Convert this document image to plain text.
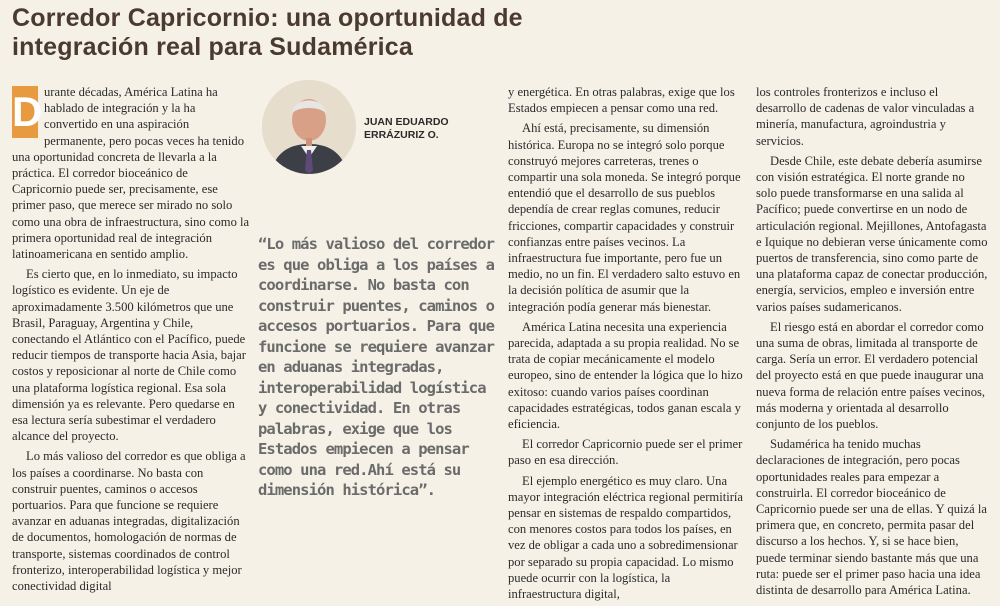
Corredor Capricornio: una oportunidad de
integración real para Sudamérica

D urante décadas, América Latina ha hablado de integración y la ha convertido en una aspiración permanente, pero pocas veces ha tenido una oportunidad concreta de llevarla a la práctica. El corredor bioceánico de Capricornio puede ser, precisamente, ese primer paso, que merece ser mirado no solo como una obra de infraestructura, sino como la primera oportunidad real de integración latinoamericana en sentido amplio.

Es cierto que, en lo inmediato, su impacto logístico es evidente. Un eje de aproximadamente 3.500 kilómetros que une Brasil, Paraguay, Argentina y Chile, conectando el Atlántico con el Pacífico, puede reducir tiempos de transporte hacia Asia, bajar costos y reposicionar al norte de Chile como una plataforma logística regional. Esa sola dimensión ya es relevante. Pero quedarse en esa lectura sería subestimar el verdadero alcance del proyecto.

Lo más valioso del corredor es que obliga a los países a coordinarse. No basta con construir puentes, caminos o accesos portuarios. Para que funcione se requiere avanzar en aduanas integradas, digitalización de documentos, homologación de normas de transporte, sistemas coordinados de control fronterizo, interoperabilidad logística y mejor conectividad digital

JUAN EDUARDO
ERRÁZURIZ O.
“Lo más valioso del corredor es que obliga a los países a coordinarse. No basta con construir puentes, caminos o accesos portuarios. Para que funcione se requiere avanzar en aduanas integradas, interoperabilidad logística y conectividad. En otras palabras, exige que los Estados empiecen a pensar como una red.Ahí está su dimensión histórica”.

y energética. En otras palabras, exige que los Estados empiecen a pensar como una red.

Ahí está, precisamente, su dimensión histórica. Europa no se integró solo porque construyó mejores carreteras, trenes o compartir una sola moneda. Se integró porque entendió que el desarrollo de sus pueblos dependía de crear reglas comunes, reducir fricciones, compartir capacidades y construir confianzas entre países vecinos. La infraestructura fue importante, pero fue un medio, no un fin. El verdadero salto estuvo en la decisión política de asumir que la integración podía generar más bienestar.

América Latina necesita una experiencia parecida, adaptada a su propia realidad. No se trata de copiar mecánicamente el modelo europeo, sino de entender la lógica que lo hizo exitoso: cuando varios países coordinan capacidades estratégicas, todos ganan escala y eficiencia.

El corredor Capricornio puede ser el primer paso en esa dirección.

El ejemplo energético es muy claro. Una mayor integración eléctrica regional permitiría pensar en sistemas de respaldo compartidos, con menores costos para todos los países, en vez de obligar a cada uno a sobredimensionar por separado su propia capacidad. Lo mismo puede ocurrir con la logística, la infraestructura digital,

los controles fronterizos e incluso el desarrollo de cadenas de valor vinculadas a minería, manufactura, agroindustria y servicios.

Desde Chile, este debate debería asumirse con visión estratégica. El norte grande no solo puede transformarse en una salida al Pacífico; puede convertirse en un nodo de articulación regional. Mejillones, Antofagasta e Iquique no debieran verse únicamente como puertos de transferencia, sino como parte de una plataforma capaz de conectar producción, energía, servicios, empleo e inversión entre varios países sudamericanos.

El riesgo está en abordar el corredor como una suma de obras, limitada al transporte de carga. Sería un error. El verdadero potencial del proyecto está en que puede inaugurar una nueva forma de relación entre países vecinos, más moderna y orientada al desarrollo conjunto de los pueblos.

Sudamérica ha tenido muchas declaraciones de integración, pero pocas oportunidades reales para empezar a construirla. El corredor bioceánico de Capricornio puede ser una de ellas. Y quizá la primera que, en concreto, permita pasar del discurso a los hechos. Y, si se hace bien, puede terminar siendo bastante más que una ruta: puede ser el primer paso hacia una idea distinta de desarrollo para América Latina.
